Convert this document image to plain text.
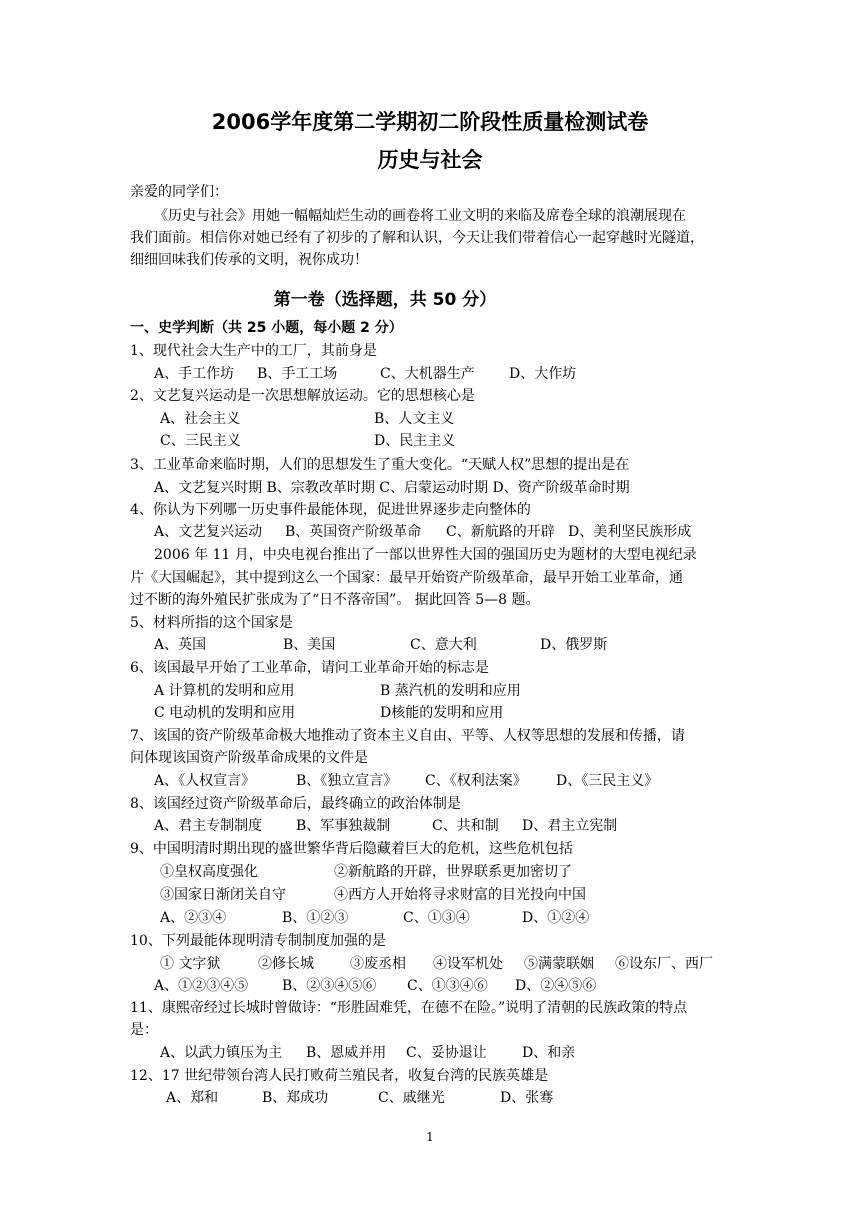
2006学年度第二学期初二阶段性质量检测试卷
历史与社会
亲爱的同学们：
《历史与社会》用她一幅幅灿烂生动的画卷将工业文明的来临及席卷全球的浪潮展现在
我们面前。相信你对她已经有了初步的了解和认识，今天让我们带着信心一起穿越时光隧道，
细细回味我们传承的文明，祝你成功！
第一卷（选择题，共 50 分）
一、史学判断（共 25 小题，每小题 2 分）
1、现代社会大生产中的工厂，其前身是
A、手工作坊 B、手工工场	C、大机器生产 D、大作坊
2、文艺复兴运动是一次思想解放运动。它的思想核心是
A、社会主义	B、人文主义
C、三民主义	D、民主主义
3、工业革命来临时期，人们的思想发生了重大变化。“天赋人权”思想的提出是在
A、文艺复兴时期 B、宗教改革时期 C、启蒙运动时期 D、资产阶级革命时期
4、你认为下列哪一历史事件最能体现，促进世界逐步走向整体的
A、文艺复兴运动 B、英国资产阶级革命 C、新航路的开辟 D、美利坚民族形成
2006 年 11 月，中央电视台推出了一部以世界性大国的强国历史为题材的大型电视纪录
片《大国崛起》，其中提到这么一个国家：最早开始资产阶级革命，最早开始工业革命，通
过不断的海外殖民扩张成为了“日不落帝国”。 据此回答 5—8 题。
5、材料所指的这个国家是
A、英国	B、美国	C、意大利	D、俄罗斯
6、该国最早开始了工业革命，请问工业革命开始的标志是
A 计算机的发明和应用	B 蒸汽机的发明和应用
C 电动机的发明和应用	D核能的发明和应用
7、该国的资产阶级革命极大地推动了资本主义自由、平等、人权等思想的发展和传播，请
问体现该国资产阶级革命成果的文件是
A、《人权宣言》	B、《独立宣言》 C、《权利法案》 D、《三民主义》
8、该国经过资产阶级革命后，最终确立的政治体制是
A、君主专制制度 B、军事独裁制	C、共和制 D、君主立宪制
9、中国明清时期出现的盛世繁华背后隐藏着巨大的危机，这些危机包括
①皇权高度强化	②新航路的开辟，世界联系更加密切了
③国家日渐闭关自守	④西方人开始将寻求财富的目光投向中国
A、②③④	B、①②③	C、①③④	D、①②④
10、下列最能体现明清专制制度加强的是
① 文字狱	②修长城	③废丞相 ④设军机处 ⑤满蒙联姻 ⑥设东厂、西厂
A、①②③④⑤ B、②③④⑤⑥ C、①③④⑥ D、②④⑤⑥
11、康熙帝经过长城时曾做诗：“形胜固难凭，在德不在险。”说明了清朝的民族政策的特点
是：
A、以武力镇压为主 B、恩威并用 C、妥协退让	D、和亲
12、17 世纪带领台湾人民打败荷兰殖民者，收复台湾的民族英雄是
A、郑和	B、郑成功	C、戚继光	D、张骞
1
